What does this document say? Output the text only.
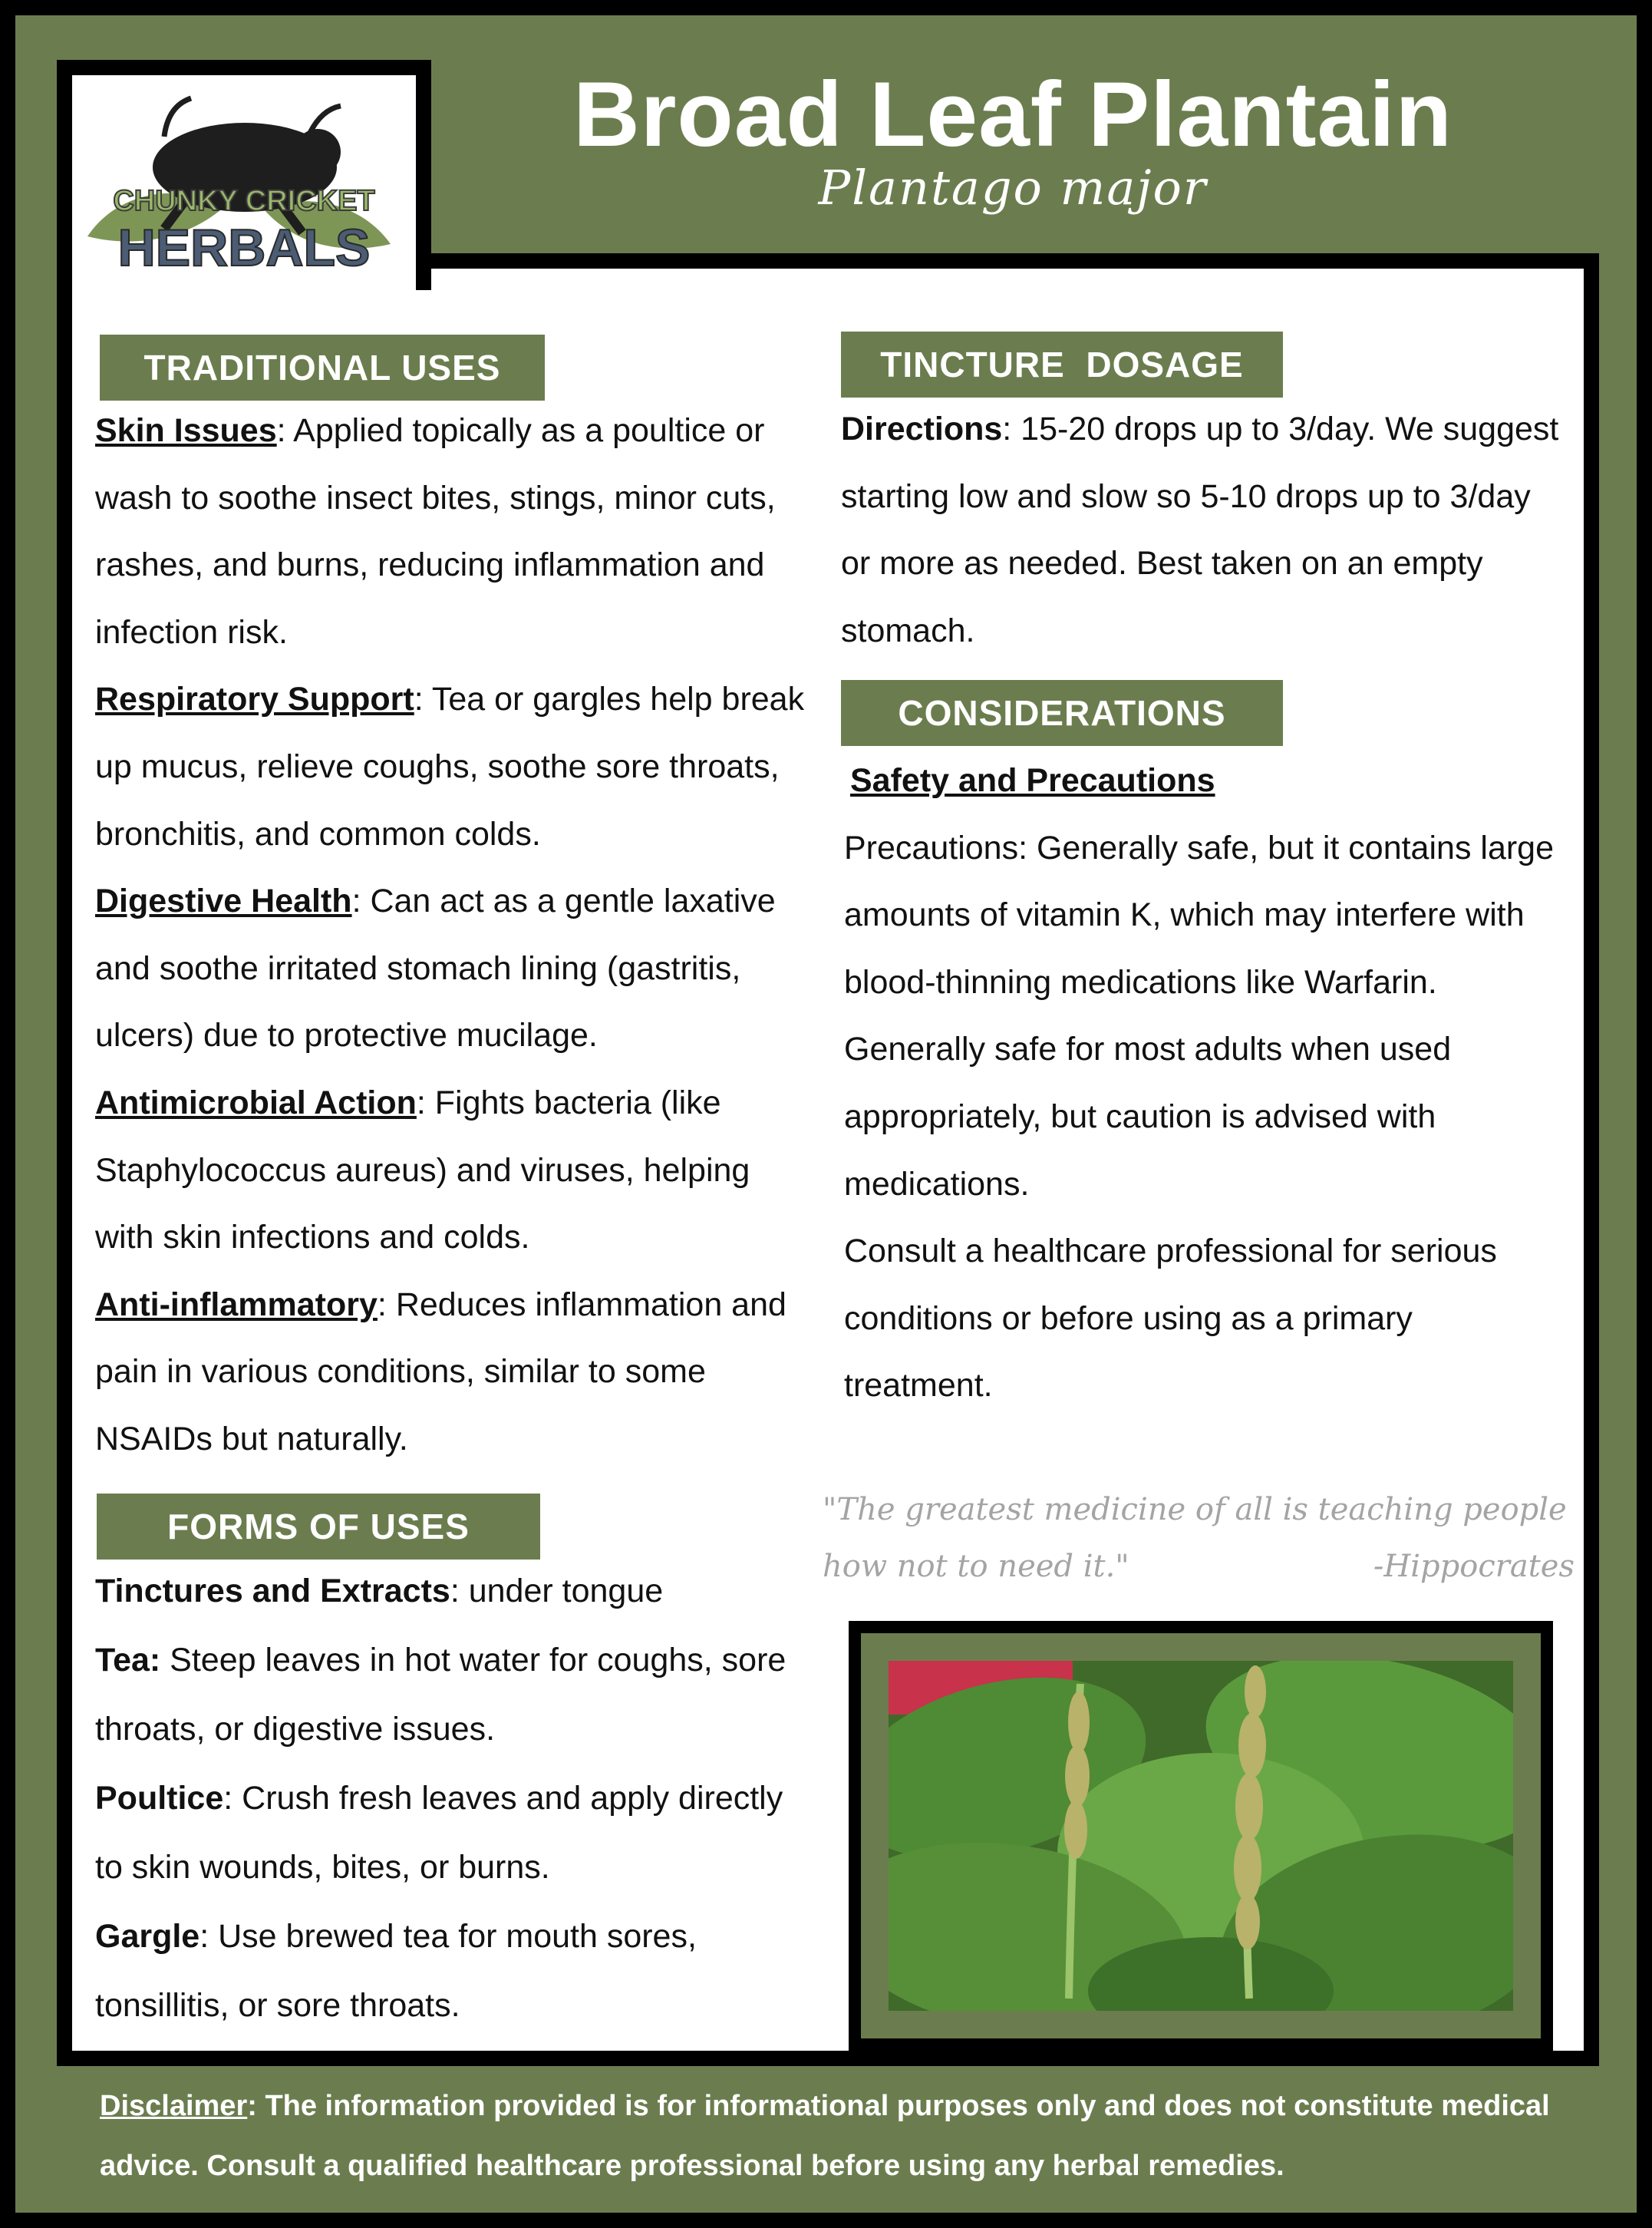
CHUNKY CRICKET
HERBALS
Broad Leaf Plantain
Plantago major
TRADITIONAL USES

Skin Issues: Applied topically as a poultice or wash to soothe insect bites, stings, minor cuts, rashes, and burns, reducing inflammation and infection risk.

Respiratory Support: Tea or gargles help break up mucus, relieve coughs, soothe sore throats, bronchitis, and common colds.

Digestive Health: Can act as a gentle laxative and soothe irritated stomach lining (gastritis, ulcers) due to protective mucilage.

Antimicrobial Action: Fights bacteria (like Staphylococcus aureus) and viruses, helping with skin infections and colds.

Anti-inflammatory: Reduces inflammation and pain in various conditions, similar to some NSAIDs but naturally.

FORMS OF USES

Tinctures and Extracts: under tongue

Tea: Steep leaves in hot water for coughs, sore throats, or digestive issues.

Poultice: Crush fresh leaves and apply directly to skin wounds, bites, or burns.

Gargle: Use brewed tea for mouth sores, tonsillitis, or sore throats.

TINCTURE  DOSAGE

Directions: 15-20 drops up to 3/day. We suggest starting low and slow so 5-10 drops up to 3/day or more as needed. Best taken on an empty stomach.

CONSIDERATIONS

Safety and Precautions

Precautions: Generally safe, but it contains large amounts of vitamin K, which may interfere with blood-thinning medications like Warfarin.

Generally safe for most adults when used appropriately, but caution is advised with medications.

Consult a healthcare professional for serious conditions or before using as a primary treatment.

"The greatest medicine of all is teaching people how not to need it."	-Hippocrates
Disclaimer: The information provided is for informational purposes only and does not constitute medical advice. Consult a qualified healthcare professional before using any herbal remedies.
